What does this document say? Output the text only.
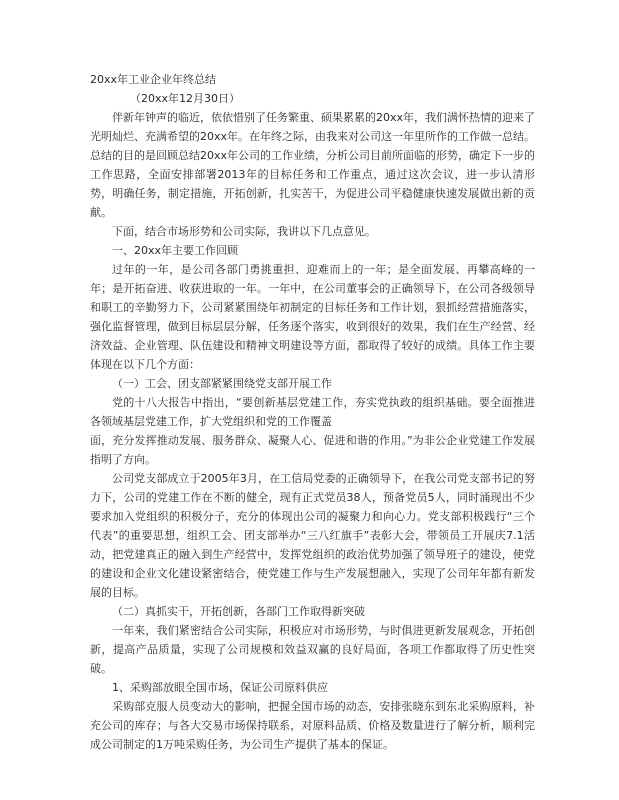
20xx年工业企业年终总结

（20xx年12月30日）

伴新年钟声的临近，依依惜别了任务繁重、硕果累累的20xx年，我们满怀热情的迎来了光明灿烂、充满希望的20xx年。在年终之际，由我来对公司这一年里所作的工作做一总结。总结的目的是回顾总结20xx年公司的工作业绩，分析公司目前所面临的形势，确定下一步的工作思路，全面安排部署2013年的目标任务和工作重点，通过这次会议，进一步认清形势，明确任务，制定措施，开拓创新，扎实苦干，为促进公司平稳健康快速发展做出新的贡献。

下面，结合市场形势和公司实际，我讲以下几点意见。

一、20xx年主要工作回顾

过年的一年，是公司各部门勇挑重担、迎难而上的一年；是全面发展、再攀高峰的一年；是开拓奋进、收获进取的一年。一年中，在公司董事会的正确领导下，在公司各级领导和职工的辛勤努力下，公司紧紧围绕年初制定的目标任务和工作计划，狠抓经营措施落实，强化监督管理，做到目标层层分解，任务逐个落实，收到很好的效果，我们在生产经营、经济效益、企业管理、队伍建设和精神文明建设等方面，都取得了较好的成绩。具体工作主要体现在以下几个方面：

（一）工会、团支部紧紧围绕党支部开展工作

党的十八大报告中指出，“要创新基层党建工作，夯实党执政的组织基础。要全面推进各领域基层党建工作，扩大党组织和党的工作覆盖

面，充分发挥推动发展、服务群众、凝聚人心、促进和谐的作用。”为非公企业党建工作发展指明了方向。

公司党支部成立于2005年3月，在工信局党委的正确领导下，在我公司党支部书记的努力下，公司的党建工作在不断的健全，现有正式党员38人，预备党员5人，同时涌现出不少要求加入党组织的积极分子，充分的体现出公司的凝聚力和向心力。党支部积极践行“三个代表”的重要思想，组织工会、团支部举办“三八红旗手”表彰大会，带领员工开展庆7.1活动，把党建真正的融入到生产经营中，发挥党组织的政治优势加强了领导班子的建设，使党的建设和企业文化建设紧密结合，使党建工作与生产发展想融入，实现了公司年年都有新发展的目标。

（二）真抓实干，开拓创新，各部门工作取得新突破

一年来，我们紧密结合公司实际，积极应对市场形势，与时俱进更新发展观念，开拓创新，提高产品质量，实现了公司规模和效益双赢的良好局面，各项工作都取得了历史性突破。

1、采购部放眼全国市场，保证公司原料供应

采购部克服人员变动大的影响，把握全国市场的动态，安排张晓东到东北采购原料，补充公司的库存；与各大交易市场保持联系，对原料品质、价格及数量进行了解分析，顺利完成公司制定的1万吨采购任务，为公司生产提供了基本的保证。
